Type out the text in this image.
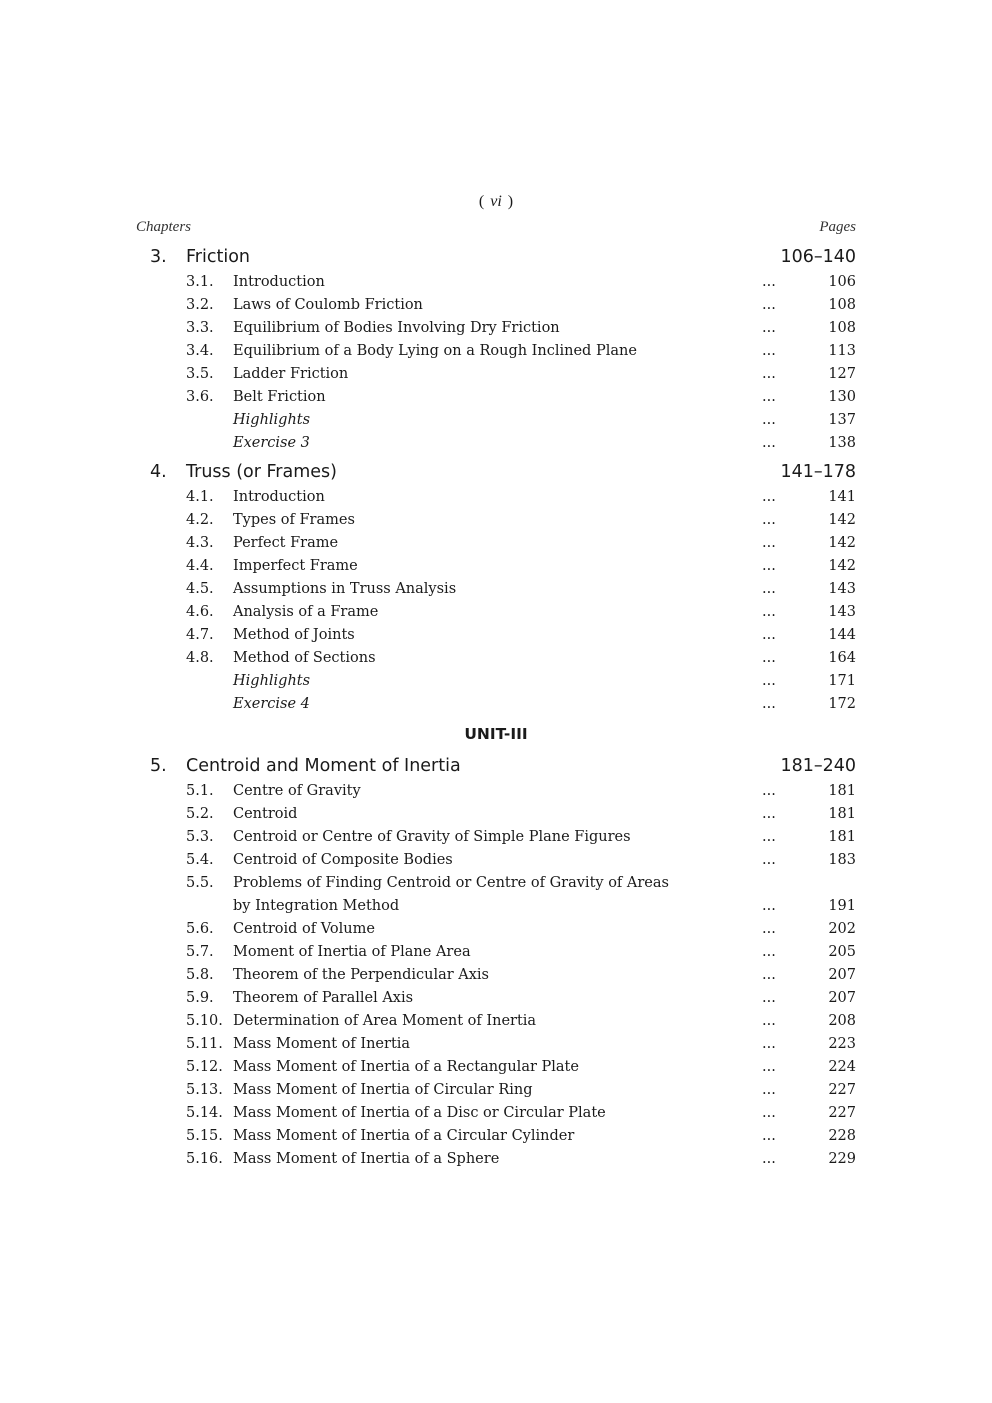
( vi )
Chapters	Pages
3. Friction	106–140
3.1. Introduction	...	106
3.2. Laws of Coulomb Friction	...	108
3.3. Equilibrium of Bodies Involving Dry Friction	...	108
3.4. Equilibrium of a Body Lying on a Rough Inclined Plane	...	113
3.5. Ladder Friction	...	127
3.6. Belt Friction	...	130
Highlights	...	137
Exercise 3	...	138
4. Truss (or Frames)	141–178
4.1. Introduction	...	141
4.2. Types of Frames	...	142
4.3. Perfect Frame	...	142
4.4. Imperfect Frame	...	142
4.5. Assumptions in Truss Analysis	...	143
4.6. Analysis of a Frame	...	143
4.7. Method of Joints	...	144
4.8. Method of Sections	...	164
Highlights	...	171
Exercise 4	...	172
UNIT-III
5. Centroid and Moment of Inertia	181–240
5.1. Centre of Gravity	...	181
5.2. Centroid	...	181
5.3. Centroid or Centre of Gravity of Simple Plane Figures	...	181
5.4. Centroid of Composite Bodies	...	183
5.5. Problems of Finding Centroid or Centre of Gravity of Areas
by Integration Method	...	191
5.6. Centroid of Volume	...	202
5.7. Moment of Inertia of Plane Area	...	205
5.8. Theorem of the Perpendicular Axis	...	207
5.9. Theorem of Parallel Axis	...	207
5.10. Determination of Area Moment of Inertia	...	208
5.11. Mass Moment of Inertia	...	223
5.12. Mass Moment of Inertia of a Rectangular Plate	...	224
5.13. Mass Moment of Inertia of Circular Ring	...	227
5.14. Mass Moment of Inertia of a Disc or Circular Plate	...	227
5.15. Mass Moment of Inertia of a Circular Cylinder	...	228
5.16. Mass Moment of Inertia of a Sphere	...	229
